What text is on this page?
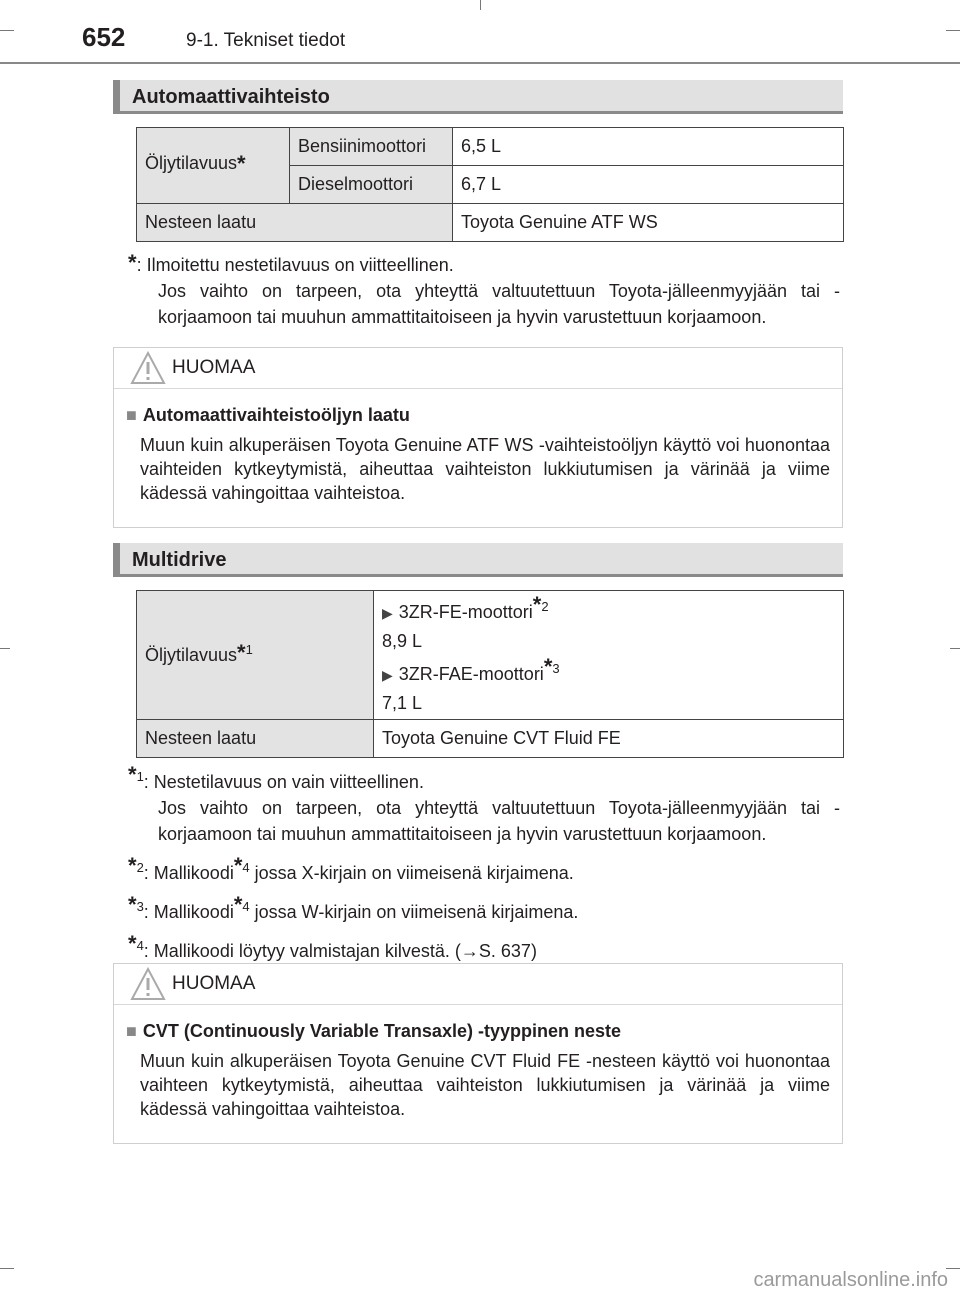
652	9-1. Tekniset tiedot
Automaattivaihteisto
Öljytilavuus*	Bensiinimoottori	6,5 L
	Dieselmoottori	6,7 L
Nesteen laatu		Toyota Genuine ATF WS
*: Ilmoitettu nestetilavuus on viitteellinen.
Jos vaihto on tarpeen, ota yhteyttä valtuutettuun Toyota-jälleenmyyjään tai -korjaamoon tai muuhun ammattitaitoiseen ja hyvin varustettuun korjaamoon.
HUOMAA
■ Automaattivaihteistoöljyn laatu
Muun kuin alkuperäisen Toyota Genuine ATF WS -vaihteistoöljyn käyttö voi huonontaa vaihteiden kytkeytymistä, aiheuttaa vaihteiston lukkiutumisen ja värinää ja viime kädessä vahingoittaa vaihteistoa.
Multidrive
Öljytilavuus$^{*1}$	▶ 3ZR-FE-moottori$^{*2}$
8,9 L
▶ 3ZR-FAE-moottori$^{*3}$
7,1 L

Nesteen laatu	Toyota Genuine CVT Fluid FE
*$^1$: Nestetilavuus on vain viitteellinen.
Jos vaihto on tarpeen, ota yhteyttä valtuutettuun Toyota-jälleenmyyjään tai -korjaamoon tai muuhun ammattitaitoiseen ja hyvin varustettuun korjaamoon.
*$^2$: Mallikoodi*$^4$ jossa X-kirjain on viimeisenä kirjaimena.
*$^3$: Mallikoodi*$^4$ jossa W-kirjain on viimeisenä kirjaimena.
*$^4$: Mallikoodi löytyy valmistajan kilvestä. (→S. 637)
HUOMAA
■ CVT (Continuously Variable Transaxle) -tyyppinen neste
Muun kuin alkuperäisen Toyota Genuine CVT Fluid FE -nesteen käyttö voi huonontaa vaihteen kytkeytymistä, aiheuttaa vaihteiston lukkiutumisen ja värinää ja viime kädessä vahingoittaa vaihteistoa.
carmanualsonline.info
